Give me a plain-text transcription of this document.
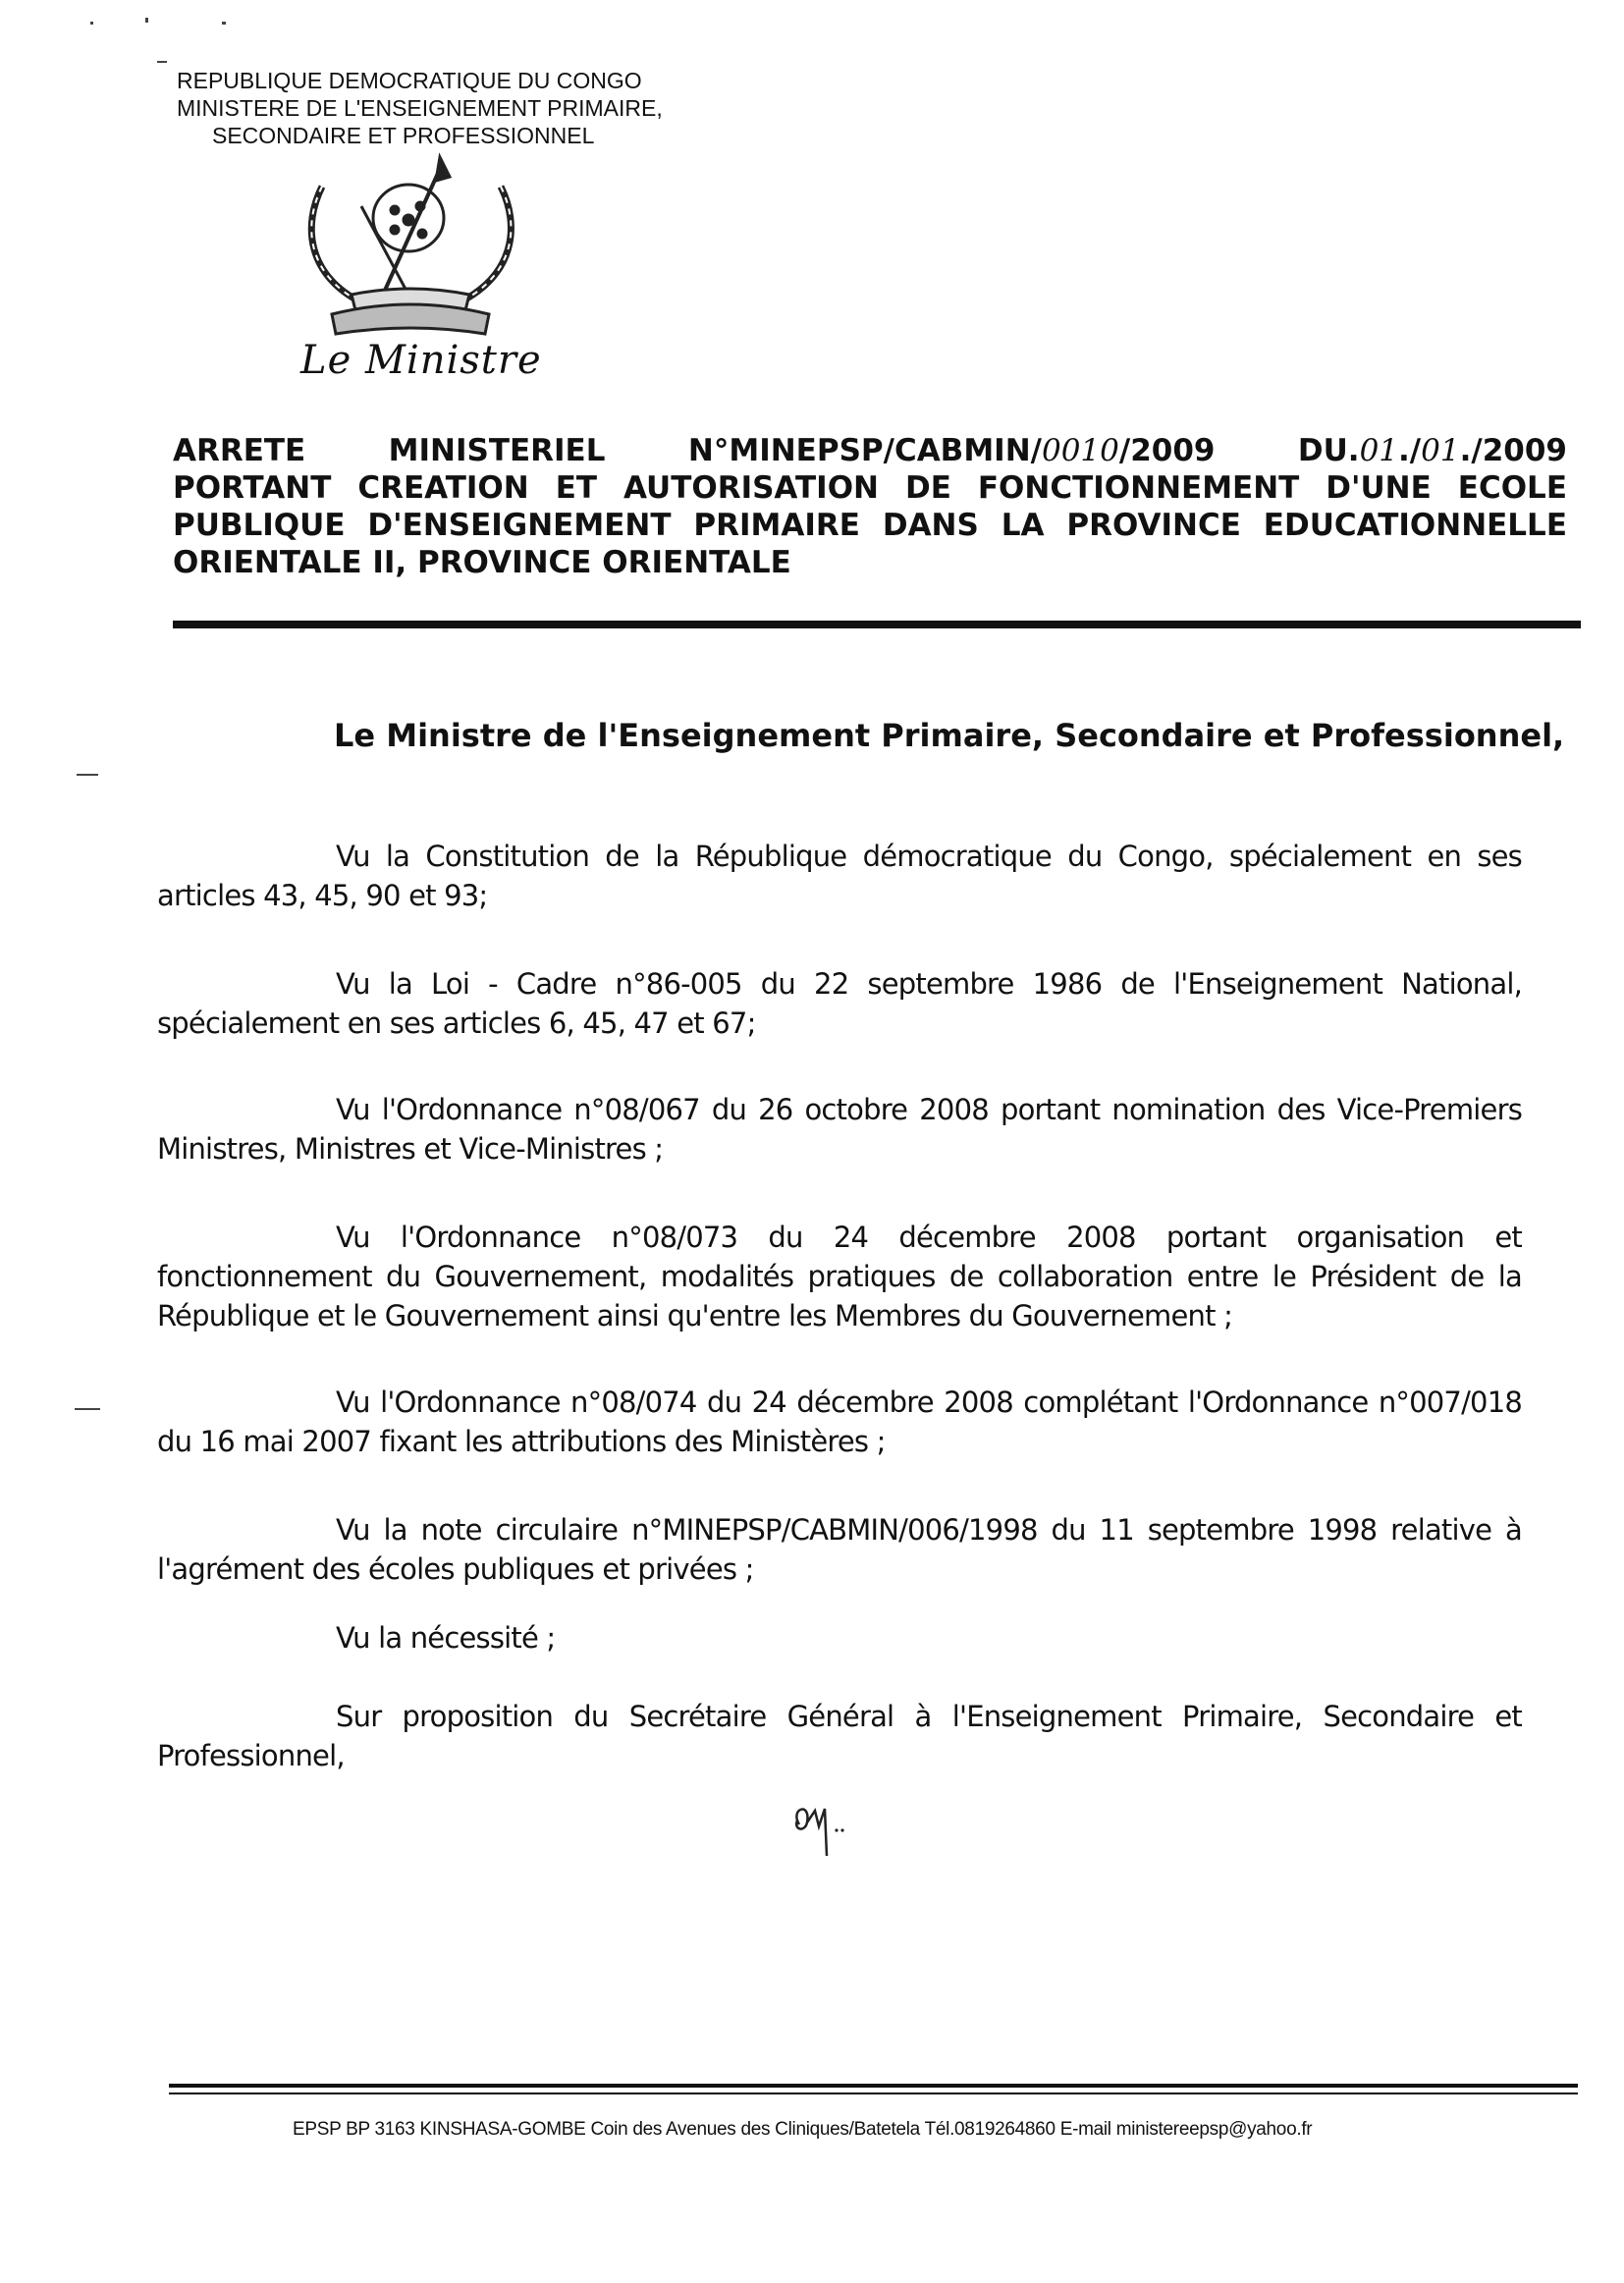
REPUBLIQUE DEMOCRATIQUE DU CONGO
MINISTERE DE L'ENSEIGNEMENT PRIMAIRE,
SECONDAIRE ET PROFESSIONNEL
Le Ministre
ARRETE	MINISTERIEL	N°MINEPSP/CABMIN/0010/2009	DU.01./01./2009
PORTANT CREATION ET AUTORISATION DE FONCTIONNEMENT D'UNE ECOLE PUBLIQUE D'ENSEIGNEMENT PRIMAIRE DANS LA PROVINCE EDUCATIONNELLE ORIENTALE II, PROVINCE ORIENTALE
Le Ministre de l'Enseignement Primaire, Secondaire et Professionnel,
Vu la Constitution de la République démocratique du Congo, spécialement en ses articles 43, 45, 90 et 93;
Vu la Loi - Cadre n°86-005 du 22 septembre 1986 de l'Enseignement National, spécialement en ses articles 6, 45, 47 et 67;
Vu l'Ordonnance n°08/067 du 26 octobre 2008 portant nomination des Vice-Premiers Ministres, Ministres et Vice-Ministres ;
Vu l'Ordonnance n°08/073 du 24 décembre 2008 portant organisation et fonctionnement du Gouvernement, modalités pratiques de collaboration entre le Président de la République et le Gouvernement ainsi qu'entre les Membres du Gouvernement ;
Vu l'Ordonnance n°08/074 du 24 décembre 2008 complétant l'Ordonnance n°007/018 du 16 mai 2007 fixant les attributions des Ministères ;
Vu la note circulaire n°MINEPSP/CABMIN/006/1998 du 11 septembre 1998 relative à l'agrément des écoles publiques et privées ;
Vu la nécessité ;
Sur proposition du Secrétaire Général à l'Enseignement Primaire, Secondaire et Professionnel,
EPSP BP 3163 KINSHASA-GOMBE Coin des Avenues des Cliniques/Batetela Tél.0819264860 E-mail ministereepsp@yahoo.fr
